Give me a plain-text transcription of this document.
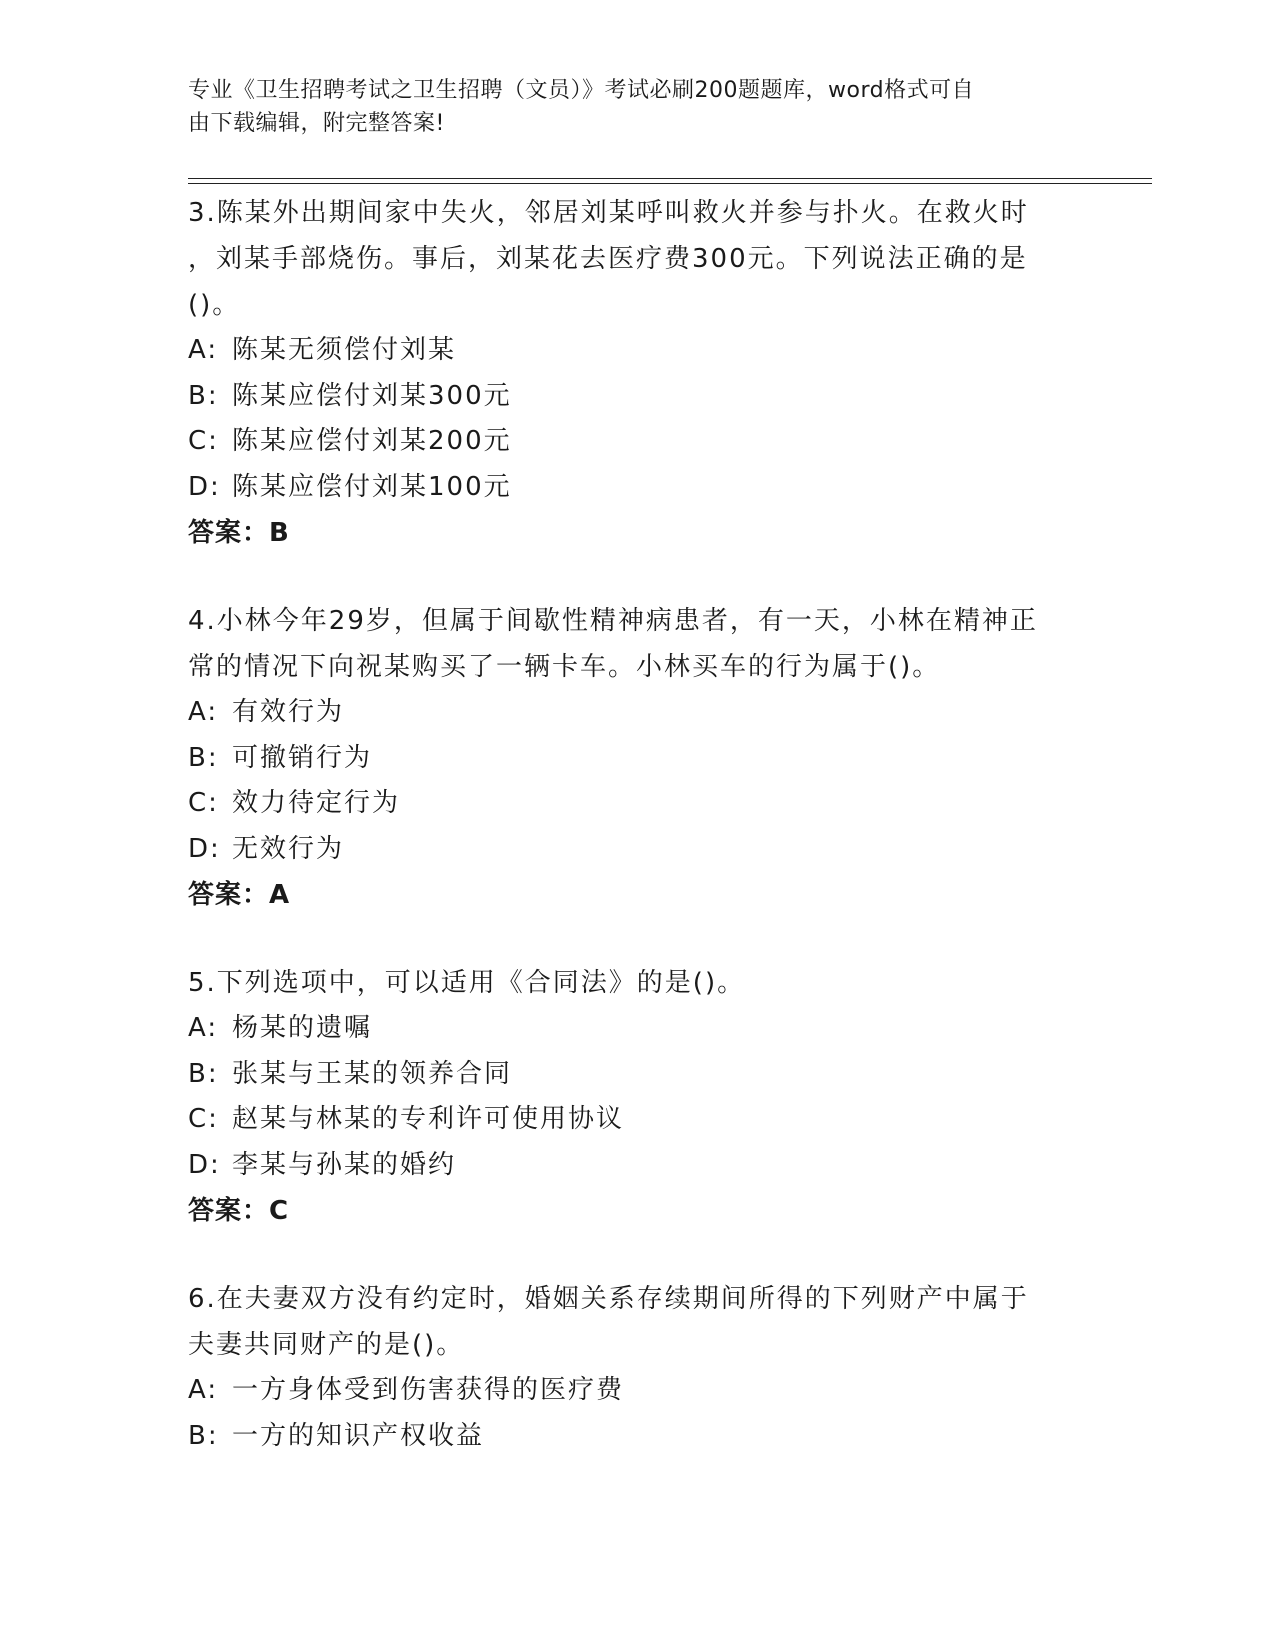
专业《卫生招聘考试之卫生招聘（文员）》考试必刷200题题库，word格式可自
由下载编辑，附完整答案!
3.陈某外出期间家中失火，邻居刘某呼叫救火并参与扑火。在救火时
，刘某手部烧伤。事后，刘某花去医疗费300元。下列说法正确的是
()。
A: 陈某无须偿付刘某
B: 陈某应偿付刘某300元
C: 陈某应偿付刘某200元
D: 陈某应偿付刘某100元
答案：B
4.小林今年29岁，但属于间歇性精神病患者，有一天，小林在精神正
常的情况下向祝某购买了一辆卡车。小林买车的行为属于()。
A: 有效行为
B: 可撤销行为
C: 效力待定行为
D: 无效行为
答案：A
5.下列选项中，可以适用《合同法》的是()。
A: 杨某的遗嘱
B: 张某与王某的领养合同
C: 赵某与林某的专利许可使用协议
D: 李某与孙某的婚约
答案：C
6.在夫妻双方没有约定时，婚姻关系存续期间所得的下列财产中属于
夫妻共同财产的是()。
A: 一方身体受到伤害获得的医疗费
B: 一方的知识产权收益
